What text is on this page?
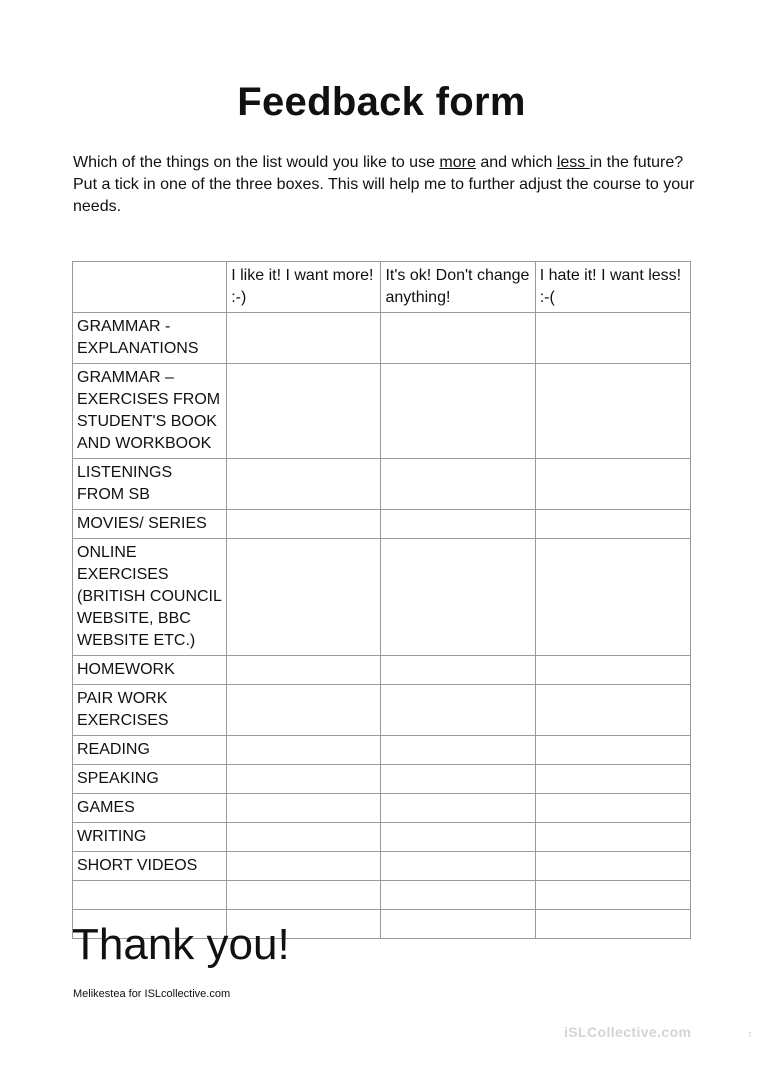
Feedback form

Which of the things on the list would you like to use more and which less in the future?

Put a tick in one of the three boxes. This will help me to further adjust the course to your needs.

	I like it! I want more! :-)	It's ok! Don't change anything!	I hate it! I want less! :-(
GRAMMAR - EXPLANATIONS			
GRAMMAR – EXERCISES FROM STUDENT'S BOOK AND WORKBOOK			
LISTENINGS FROM SB			
MOVIES/ SERIES			
ONLINE EXERCISES (BRITISH COUNCIL WEBSITE, BBC WEBSITE ETC.)			
HOMEWORK			
PAIR WORK EXERCISES			
READING			
SPEAKING			
GAMES			
WRITING			
SHORT VIDEOS			

Thank you!
Melikestea for ISLcollective.com
iSLCollective.com
